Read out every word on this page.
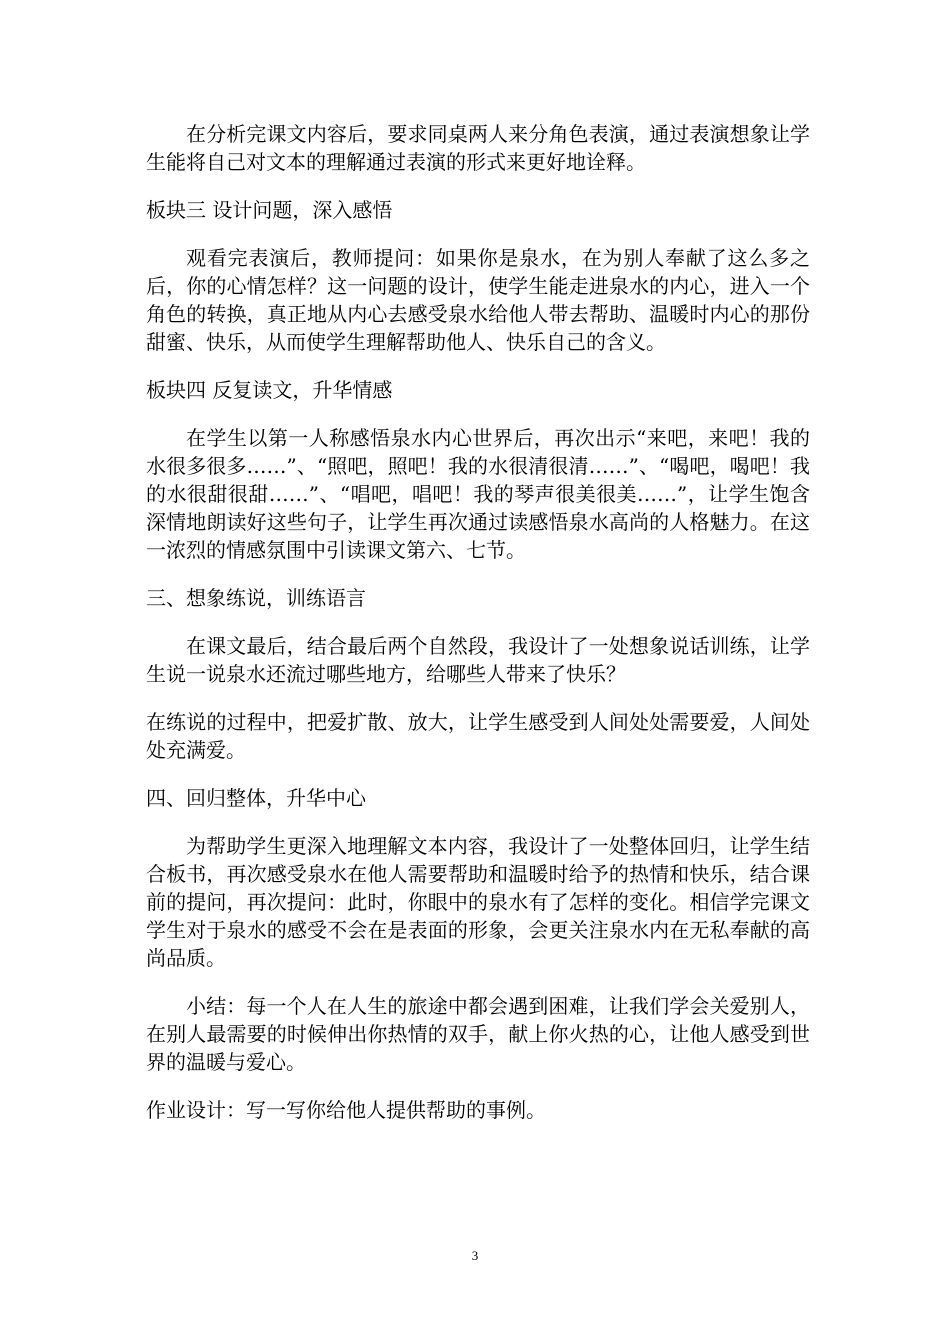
在分析完课文内容后，要求同桌两人来分角色表演，通过表演想象让学生能将自己对文本的理解通过表演的形式来更好地诠释。

板块三 设计问题，深入感悟

观看完表演后，教师提问：如果你是泉水，在为别人奉献了这么多之后，你的心情怎样？这一问题的设计，使学生能走进泉水的内心，进入一个角色的转换，真正地从内心去感受泉水给他人带去帮助、温暖时内心的那份甜蜜、快乐，从而使学生理解帮助他人、快乐自己的含义。

板块四 反复读文，升华情感

在学生以第一人称感悟泉水内心世界后，再次出示“来吧，来吧！我的水很多很多……”、“照吧，照吧！我的水很清很清……”、“喝吧，喝吧！我的水很甜很甜……”、“唱吧，唱吧！我的琴声很美很美……”，让学生饱含深情地朗读好这些句子，让学生再次通过读感悟泉水高尚的人格魅力。在这一浓烈的情感氛围中引读课文第六、七节。

三、想象练说，训练语言

在课文最后，结合最后两个自然段，我设计了一处想象说话训练，让学生说一说泉水还流过哪些地方，给哪些人带来了快乐？

在练说的过程中，把爱扩散、放大，让学生感受到人间处处需要爱，人间处处充满爱。

四、回归整体，升华中心

为帮助学生更深入地理解文本内容，我设计了一处整体回归，让学生结合板书，再次感受泉水在他人需要帮助和温暖时给予的热情和快乐，结合课前的提问，再次提问：此时，你眼中的泉水有了怎样的变化。相信学完课文学生对于泉水的感受不会在是表面的形象，会更关注泉水内在无私奉献的高尚品质。

小结：每一个人在人生的旅途中都会遇到困难，让我们学会关爱别人，在别人最需要的时候伸出你热情的双手，献上你火热的心，让他人感受到世界的温暖与爱心。

作业设计：写一写你给他人提供帮助的事例。

3
